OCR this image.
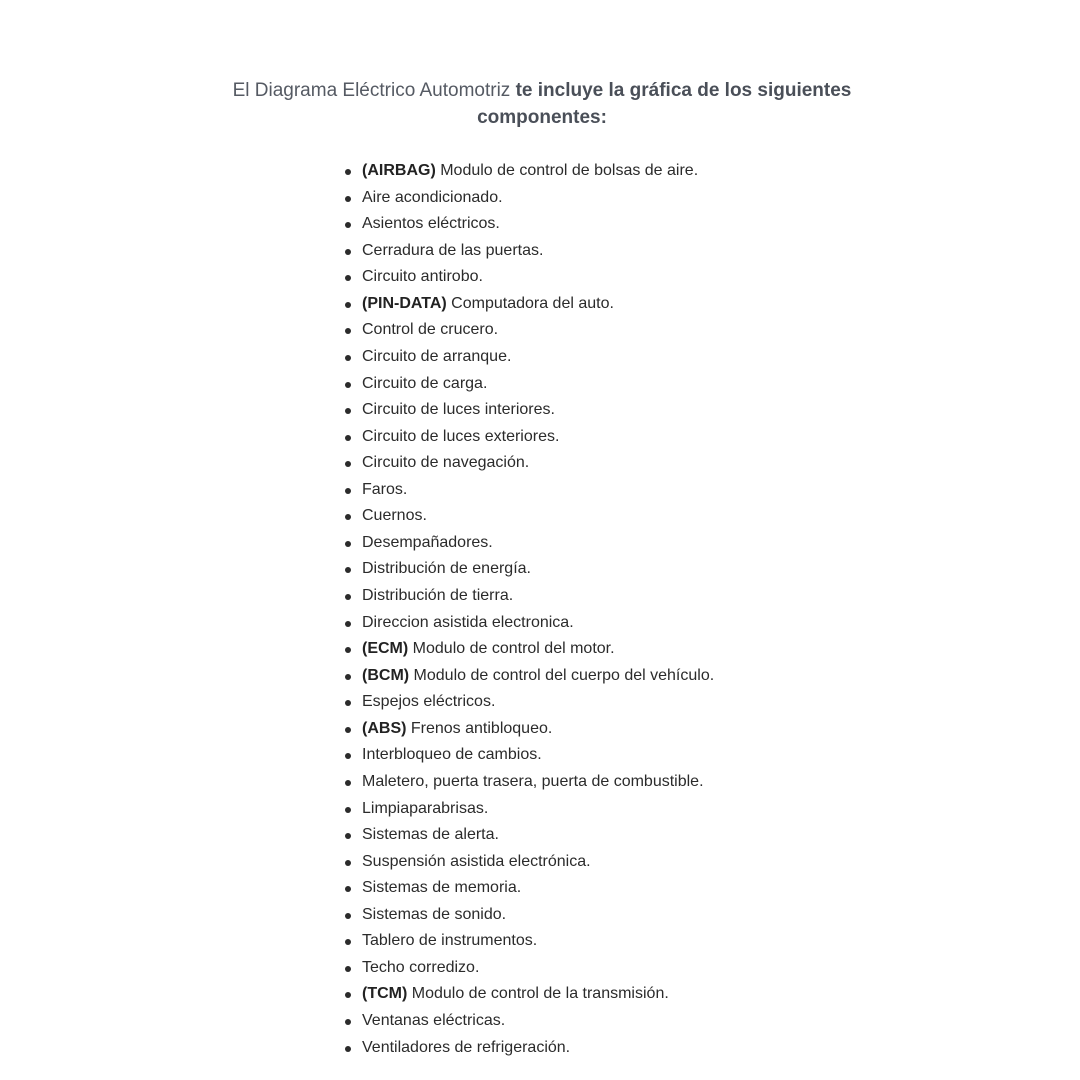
El Diagrama Eléctrico Automotriz te incluye la gráfica de los siguientes componentes:
(AIRBAG) Modulo de control de bolsas de aire.
Aire acondicionado.
Asientos eléctricos.
Cerradura de las puertas.
Circuito antirobo.
(PIN-DATA) Computadora del auto.
Control de crucero.
Circuito de arranque.
Circuito de carga.
Circuito de luces interiores.
Circuito de luces exteriores.
Circuito de navegación.
Faros.
Cuernos.
Desempañadores.
Distribución de energía.
Distribución de tierra.
Direccion asistida electronica.
(ECM) Modulo de control del motor.
(BCM) Modulo de control del cuerpo del vehículo.
Espejos eléctricos.
(ABS) Frenos antibloqueo.
Interbloqueo de cambios.
Maletero, puerta trasera, puerta de combustible.
Limpiaparabrisas.
Sistemas de alerta.
Suspensión asistida electrónica.
Sistemas de memoria.
Sistemas de sonido.
Tablero de instrumentos.
Techo corredizo.
(TCM) Modulo de control de la transmisión.
Ventanas eléctricas.
Ventiladores de refrigeración.
